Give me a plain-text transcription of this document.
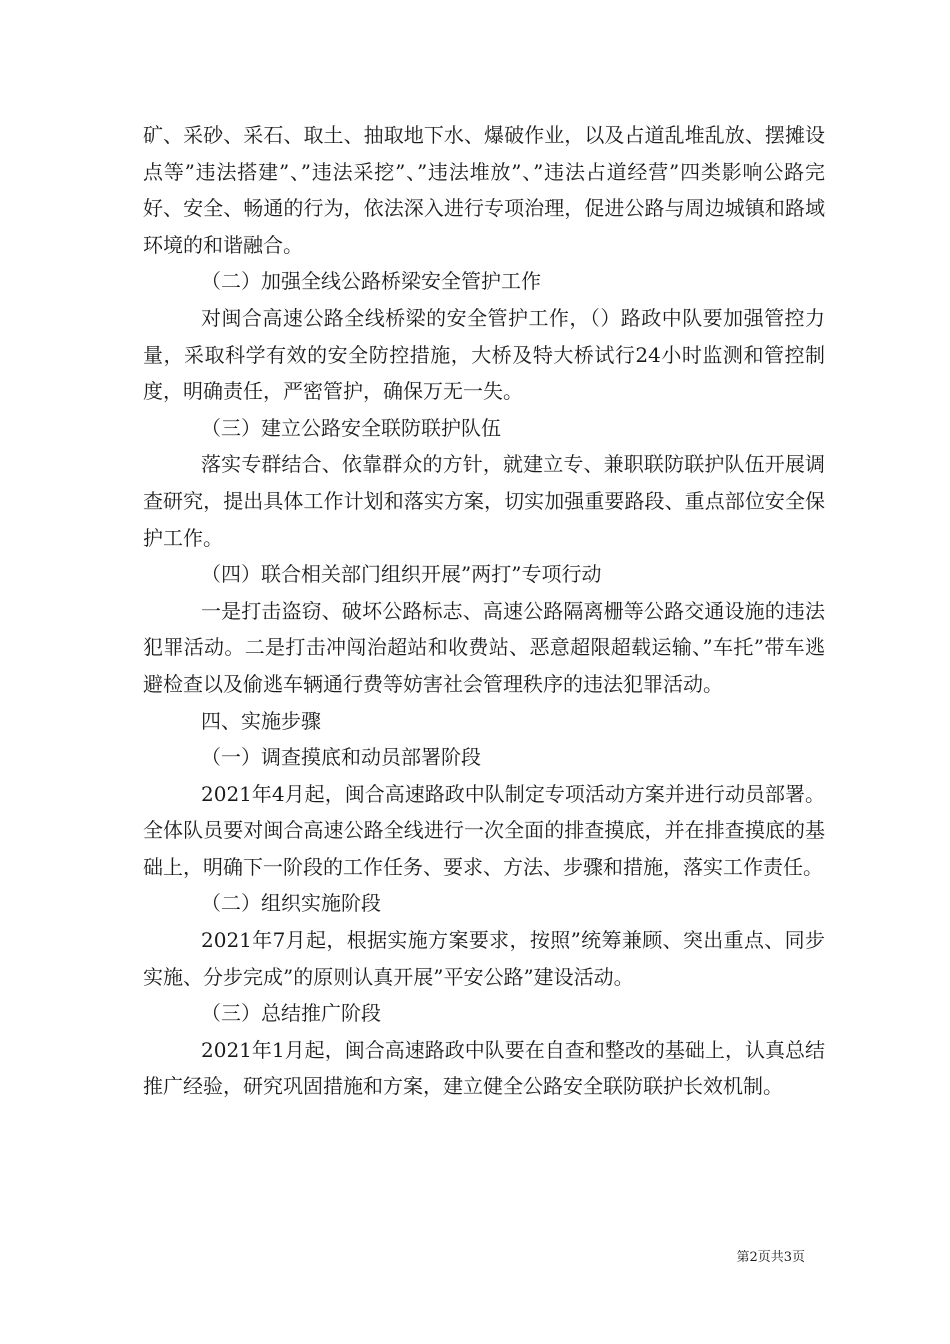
矿、采砂、采石、取土、抽取地下水、爆破作业，以及占道乱堆乱放、摆摊设点等”违法搭建”、”违法采挖”、”违法堆放”、”违法占道经营”四类影响公路完好、安全、畅通的行为，依法深入进行专项治理，促进公路与周边城镇和路域环境的和谐融合。

（二）加强全线公路桥梁安全管护工作

对闽合高速公路全线桥梁的安全管护工作，（）路政中队要加强管控力量，采取科学有效的安全防控措施，大桥及特大桥试行24小时监测和管控制度，明确责任，严密管护，确保万无一失。

（三）建立公路安全联防联护队伍

落实专群结合、依靠群众的方针，就建立专、兼职联防联护队伍开展调查研究，提出具体工作计划和落实方案，切实加强重要路段、重点部位安全保护工作。

（四）联合相关部门组织开展”两打”专项行动

一是打击盗窃、破坏公路标志、高速公路隔离栅等公路交通设施的违法犯罪活动。二是打击冲闯治超站和收费站、恶意超限超载运输、”车托”带车逃避检查以及偷逃车辆通行费等妨害社会管理秩序的违法犯罪活动。

四、实施步骤

（一）调查摸底和动员部署阶段

2021年4月起，闽合高速路政中队制定专项活动方案并进行动员部署。全体队员要对闽合高速公路全线进行一次全面的排查摸底，并在排查摸底的基础上，明确下一阶段的工作任务、要求、方法、步骤和措施，落实工作责任。

（二）组织实施阶段

2021年7月起，根据实施方案要求，按照”统筹兼顾、突出重点、同步实施、分步完成”的原则认真开展”平安公路”建设活动。

（三）总结推广阶段

2021年1月起，闽合高速路政中队要在自查和整改的基础上，认真总结推广经验，研究巩固措施和方案，建立健全公路安全联防联护长效机制。

第2页共3页
